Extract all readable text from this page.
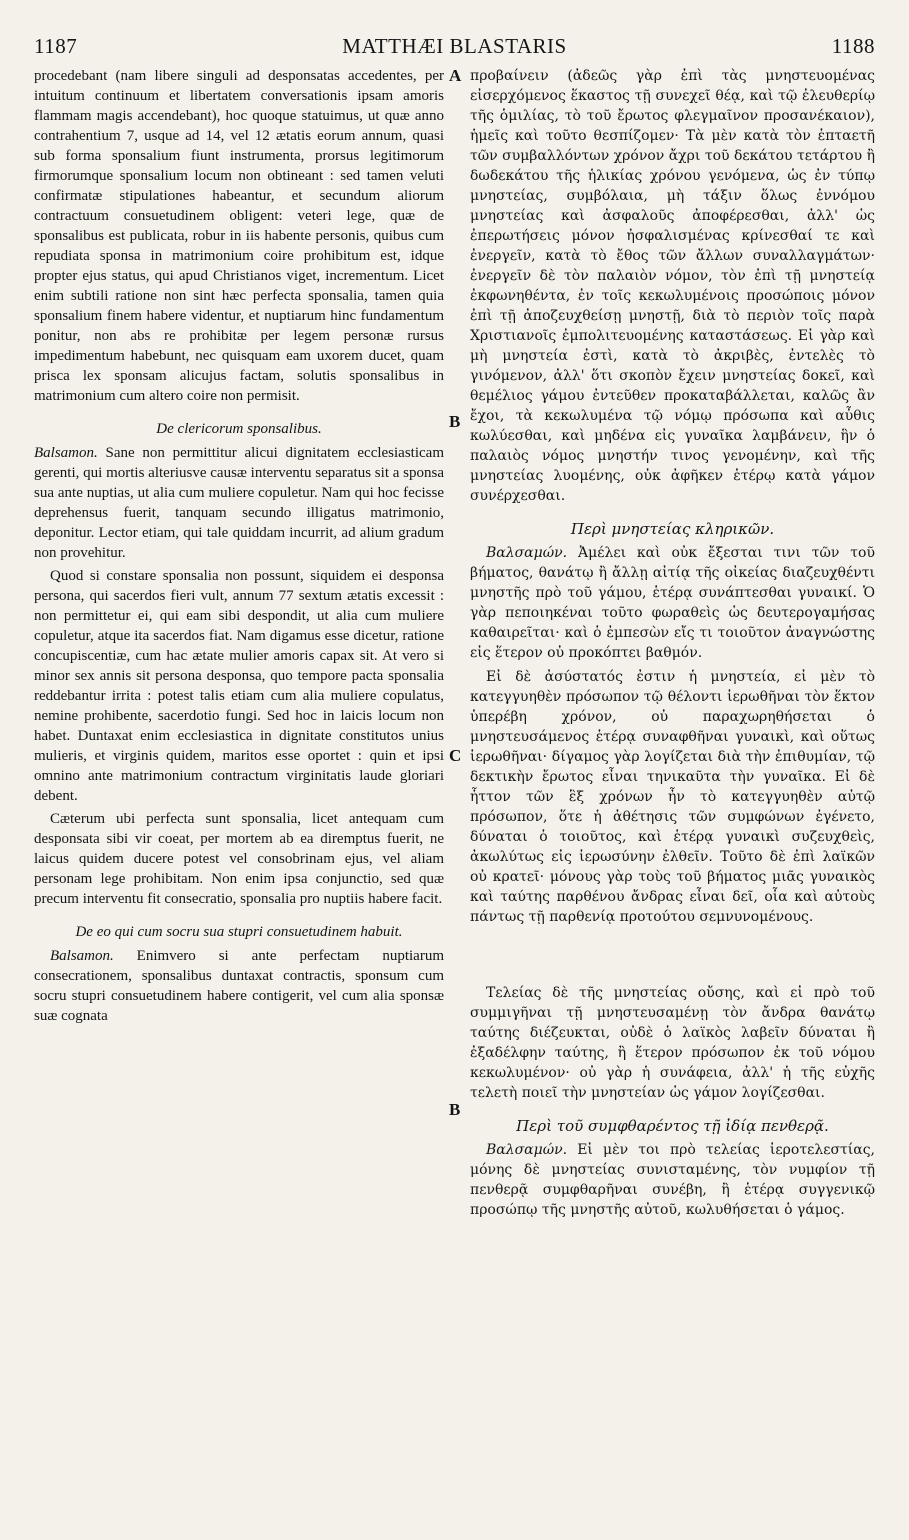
1187	MATTHÆI BLASTARIS	1188
A
B
C
B

procedebant (nam libere singuli ad desponsatas accedentes, per intuitum continuum et libertatem conversationis ipsam amoris flammam magis accendebant), hoc quoque statuimus, ut quæ anno contrahentium 7, usque ad 14, vel 12 ætatis eorum annum, quasi sub forma sponsalium fiunt instrumenta, prorsus legitimorum firmorumque sponsalium locum non obtineant : sed tamen veluti confirmatæ stipulationes habeantur, et secundum aliorum contractuum consuetudinem obligent: veteri lege, quæ de sponsalibus est publicata, robur in iis habente personis, quibus cum repudiata sponsa in matrimonium coire prohibitum est, idque propter ejus status, qui apud Christianos viget, incrementum. Licet enim subtili ratione non sint hæc perfecta sponsalia, tamen quia sponsalium finem habere videntur, et nuptiarum hinc fundamentum ponitur, non abs re prohibitæ per legem personæ rursus impedimentum habebunt, nec quisquam eam uxorem ducet, quam prisca lex sponsam alicujus factam, solutis sponsalibus in matrimonium cum altero coire non permisit.

De clericorum sponsalibus.

Balsamon. Sane non permittitur alicui dignitatem ecclesiasticam gerenti, qui mortis alteriusve causæ interventu separatus sit a sponsa sua ante nuptias, ut alia cum muliere copuletur. Nam qui hoc fecisse deprehensus fuerit, tanquam secundo illigatus matrimonio, deponitur. Lector etiam, qui tale quiddam incurrit, ad alium gradum non provehitur.

Quod si constare sponsalia non possunt, siquidem ei desponsa persona, qui sacerdos fieri vult, annum 77 sextum ætatis excessit : non permittetur ei, qui eam sibi despondit, ut alia cum muliere copuletur, atque ita sacerdos fiat. Nam digamus esse dicetur, ratione concupiscentiæ, cum hac ætate mulier amoris capax sit. At vero si minor sex annis sit persona desponsa, quo tempore pacta sponsalia reddebantur irrita : potest talis etiam cum alia muliere copulatus, nemine prohibente, sacerdotio fungi. Sed hoc in laicis locum non habet. Duntaxat enim ecclesiastica in dignitate constitutos unius mulieris, et virginis quidem, maritos esse oportet : quin et ipsi omnino ante matrimonium contractum virginitatis laude gloriari debent.

Cæterum ubi perfecta sunt sponsalia, licet antequam cum desponsata sibi vir coeat, per mortem ab ea diremptus fuerit, ne laicus quidem ducere potest vel consobrinam ejus, vel aliam personam lege prohibitam. Non enim ipsa conjunctio, sed quæ precum interventu fit consecratio, sponsalia pro nuptiis habere facit.

De eo qui cum socru sua stupri consuetudinem habuit.

Balsamon. Enimvero si ante perfectam nuptiarum consecrationem, sponsalibus duntaxat contractis, sponsum cum socru stupri consuetudinem habere contigerit, vel cum alia sponsæ suæ cognata

προβαίνειν (ἀδεῶς γὰρ ἐπὶ τὰς μνηστευομένας εἰσερχόμενος ἕκαστος τῇ συνεχεῖ θέᾳ, καὶ τῷ ἐλευθερίῳ τῆς ὁμιλίας, τὸ τοῦ ἔρωτος φλεγμαῖνον προσανέκαιον), ἡμεῖς καὶ τοῦτο θεσπίζομεν· Τὰ μὲν κατὰ τὸν ἑπταετῆ τῶν συμβαλλόντων χρόνον ἄχρι τοῦ δεκάτου τετάρτου ἢ δωδεκάτου τῆς ἡλικίας χρόνου γενόμενα, ὡς ἐν τύπῳ μνηστείας, συμβόλαια, μὴ τάξιν ὅλως ἐννόμου μνηστείας καὶ ἀσφαλοῦς ἀποφέρεσθαι, ἀλλ' ὡς ἐπερωτήσεις μόνον ἠσφαλισμένας κρίνεσθαί τε καὶ ἐνεργεῖν, κατὰ τὸ ἔθος τῶν ἄλλων συναλλαγμάτων· ἐνεργεῖν δὲ τὸν παλαιὸν νόμον, τὸν ἐπὶ τῇ μνηστείᾳ ἐκφωνηθέντα, ἐν τοῖς κεκωλυμένοις προσώποις μόνον ἐπὶ τῇ ἀποζευχθείσῃ μνηστῇ, διὰ τὸ περιὸν τοῖς παρὰ Χριστιανοῖς ἐμπολιτευομένης καταστάσεως. Εἰ γὰρ καὶ μὴ μνηστεία ἐστὶ, κατὰ τὸ ἀκριβὲς, ἐντελὲς τὸ γινόμενον, ἀλλ' ὅτι σκοπὸν ἔχειν μνηστείας δοκεῖ, καὶ θεμέλιος γάμου ἐντεῦθεν προκαταβάλλεται, καλῶς ἂν ἔχοι, τὰ κεκωλυμένα τῷ νόμῳ πρόσωπα καὶ αὖθις κωλύεσθαι, καὶ μηδένα εἰς γυναῖκα λαμβάνειν, ἣν ὁ παλαιὸς νόμος μνηστήν τινος γενομένην, καὶ τῆς μνηστείας λυομένης, οὐκ ἀφῆκεν ἑτέρῳ κατὰ γάμον συνέρχεσθαι.

Περὶ μνηστείας κληρικῶν.

Βαλσαμών. Ἀμέλει καὶ οὐκ ἔξεσται τινι τῶν τοῦ βήματος, θανάτῳ ἢ ἄλλῃ αἰτίᾳ τῆς οἰκείας διαζευχθέντι μνηστῆς πρὸ τοῦ γάμου, ἑτέρᾳ συνάπτεσθαι γυναικί. Ὁ γὰρ πεποιηκέναι τοῦτο φωραθεὶς ὡς δευτερογαμήσας καθαιρεῖται· καὶ ὁ ἐμπεσὼν εἴς τι τοιοῦτον ἀναγνώστης εἰς ἕτερον οὐ προκόπτει βαθμόν.

Εἰ δὲ ἀσύστατός ἐστιν ἡ μνηστεία, εἰ μὲν τὸ κατεγγυηθὲν πρόσωπον τῷ θέλοντι ἱερωθῆναι τὸν ἕκτον ὑπερέβη χρόνον, οὐ παραχωρηθήσεται ὁ μνηστευσάμενος ἑτέρᾳ συναφθῆναι γυναικὶ, καὶ οὕτως ἱερωθῆναι· δίγαμος γὰρ λογίζεται διὰ τὴν ἐπιθυμίαν, τῷ δεκτικὴν ἔρωτος εἶναι τηνικαῦτα τὴν γυναῖκα. Εἰ δὲ ἧττον τῶν ἓξ χρόνων ἦν τὸ κατεγγυηθὲν αὐτῷ πρόσωπον, ὅτε ἡ ἀθέτησις τῶν συμφώνων ἐγένετο, δύναται ὁ τοιοῦτος, καὶ ἑτέρᾳ γυναικὶ συζευχθεὶς, ἀκωλύτως εἰς ἱερωσύνην ἐλθεῖν. Τοῦτο δὲ ἐπὶ λαϊκῶν οὐ κρατεῖ· μόνους γὰρ τοὺς τοῦ βήματος μιᾶς γυναικὸς καὶ ταύτης παρθένου ἄνδρας εἶναι δεῖ, οἷα καὶ αὐτοὺς πάντως τῇ παρθενίᾳ προτούτου σεμνυνομένους.

Τελείας δὲ τῆς μνηστείας οὔσης, καὶ εἰ πρὸ τοῦ συμμιγῆναι τῇ μνηστευσαμένῃ τὸν ἄνδρα θανάτῳ ταύτης διέζευκται, οὐδὲ ὁ λαϊκὸς λαβεῖν δύναται ἢ ἐξαδέλφην ταύτης, ἢ ἕτερον πρόσωπον ἐκ τοῦ νόμου κεκωλυμένον· οὐ γὰρ ἡ συνάφεια, ἀλλ' ἡ τῆς εὐχῆς τελετὴ ποιεῖ τὴν μνηστείαν ὡς γάμον λογίζεσθαι.

Περὶ τοῦ συμφθαρέντος τῇ ἰδίᾳ πενθερᾷ.

Βαλσαμών. Εἰ μὲν τοι πρὸ τελείας ἱεροτελεστίας, μόνης δὲ μνηστείας συνισταμένης, τὸν νυμφίον τῇ πενθερᾷ συμφθαρῆναι συνέβη, ἢ ἑτέρᾳ συγγενικῷ προσώπῳ τῆς μνηστῆς αὐτοῦ, κωλυθήσεται ὁ γάμος.
